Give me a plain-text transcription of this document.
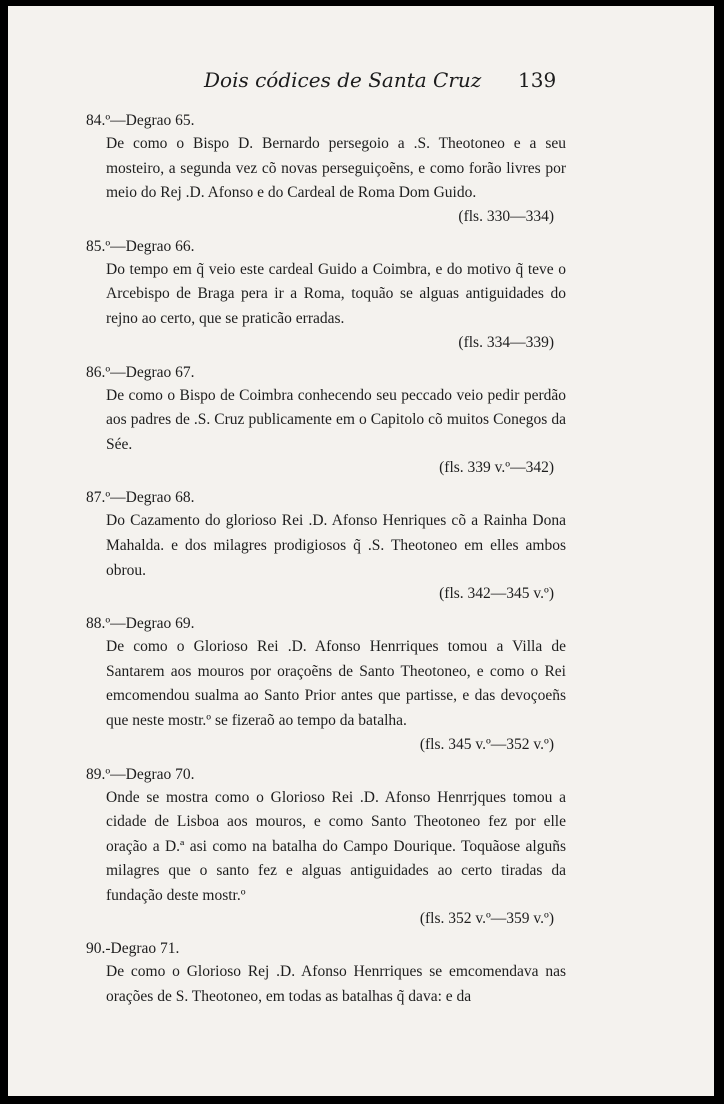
Dois códices de Santa Cruz 139
84.º—Degrao 65.
De como o Bispo D. Bernardo persegoio a .S. Theotoneo e a seu mosteiro, a segunda vez cõ novas perseguiçoẽns, e como forão livres por meio do Rej .D. Afonso e do Cardeal de Roma Dom Guido.
(fls. 330—334)
85.º—Degrao 66.
Do tempo em q̃ veio este cardeal Guido a Coimbra, e do motivo q̃ teve o Arcebispo de Braga pera ir a Roma, toquão se alguas antiguidades do rejno ao certo, que se praticão erradas.
(fls. 334—339)
86.º—Degrao 67.
De como o Bispo de Coimbra conhecendo seu peccado veio pedir perdão aos padres de .S. Cruz publicamente em o Capitolo cõ muitos Conegos da Sée.
(fls. 339 v.º—342)
87.º—Degrao 68.
Do Cazamento do glorioso Rei .D. Afonso Henriques cõ a Rainha Dona Mahalda. e dos milagres prodigiosos q̃ .S. Theotoneo em elles ambos obrou.
(fls. 342—345 v.º)
88.º—Degrao 69.
De como o Glorioso Rei .D. Afonso Henrriques tomou a Villa de Santarem aos mouros por oraçoẽns de Santo Theotoneo, e como o Rei emcomendou sualma ao Santo Prior antes que partisse, e das devoçoeñs que neste mostr.º se fizeraõ ao tempo da batalha.
(fls. 345 v.º—352 v.º)
89.º—Degrao 70.
Onde se mostra como o Glorioso Rei .D. Afonso Henrrjques tomou a cidade de Lisboa aos mouros, e como Santo Theotoneo fez por elle oração a D.ª asi como na batalha do Campo Dourique. Toquãose alguñs milagres que o santo fez e alguas antiguidades ao certo tiradas da fundação deste mostr.º
(fls. 352 v.º—359 v.º)
90.-Degrao 71.
De como o Glorioso Rej .D. Afonso Henrriques se emcomendava nas orações de S. Theotoneo, em todas as batalhas q̃ dava: e da
